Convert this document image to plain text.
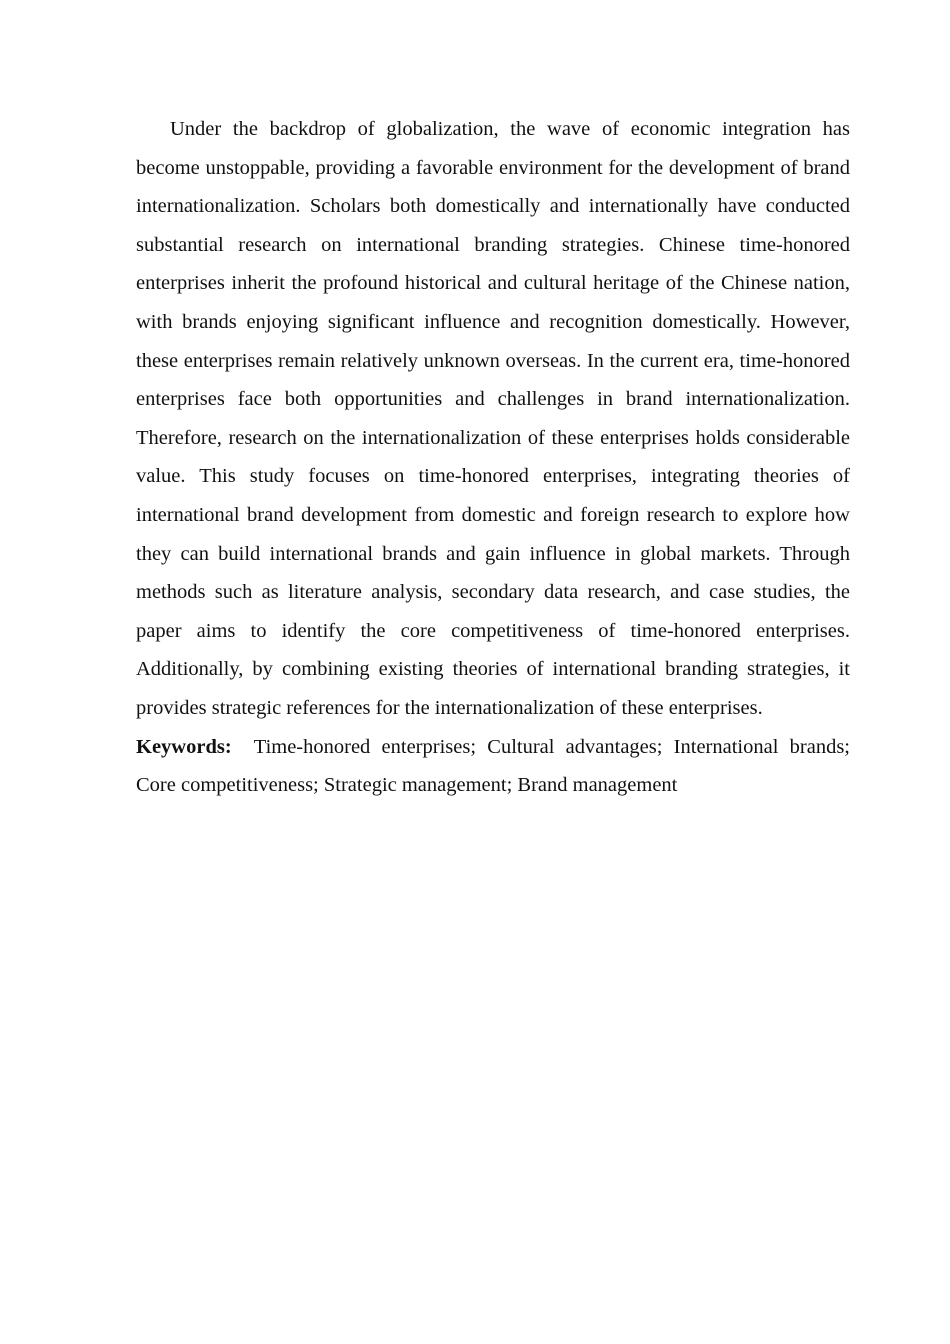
Under the backdrop of globalization, the wave of economic integration has become unstoppable, providing a favorable environment for the development of brand internationalization. Scholars both domestically and internationally have conducted substantial research on international branding strategies. Chinese time-honored enterprises inherit the profound historical and cultural heritage of the Chinese nation, with brands enjoying significant influence and recognition domestically. However, these enterprises remain relatively unknown overseas. In the current era, time-honored enterprises face both opportunities and challenges in brand internationalization. Therefore, research on the internationalization of these enterprises holds considerable value. This study focuses on time-honored enterprises, integrating theories of international brand development from domestic and foreign research to explore how they can build international brands and gain influence in global markets. Through methods such as literature analysis, secondary data research, and case studies, the paper aims to identify the core competitiveness of time-honored enterprises. Additionally, by combining existing theories of international branding strategies, it provides strategic references for the internationalization of these enterprises.

Keywords: Time-honored enterprises; Cultural advantages; International brands; Core competitiveness; Strategic management; Brand management
